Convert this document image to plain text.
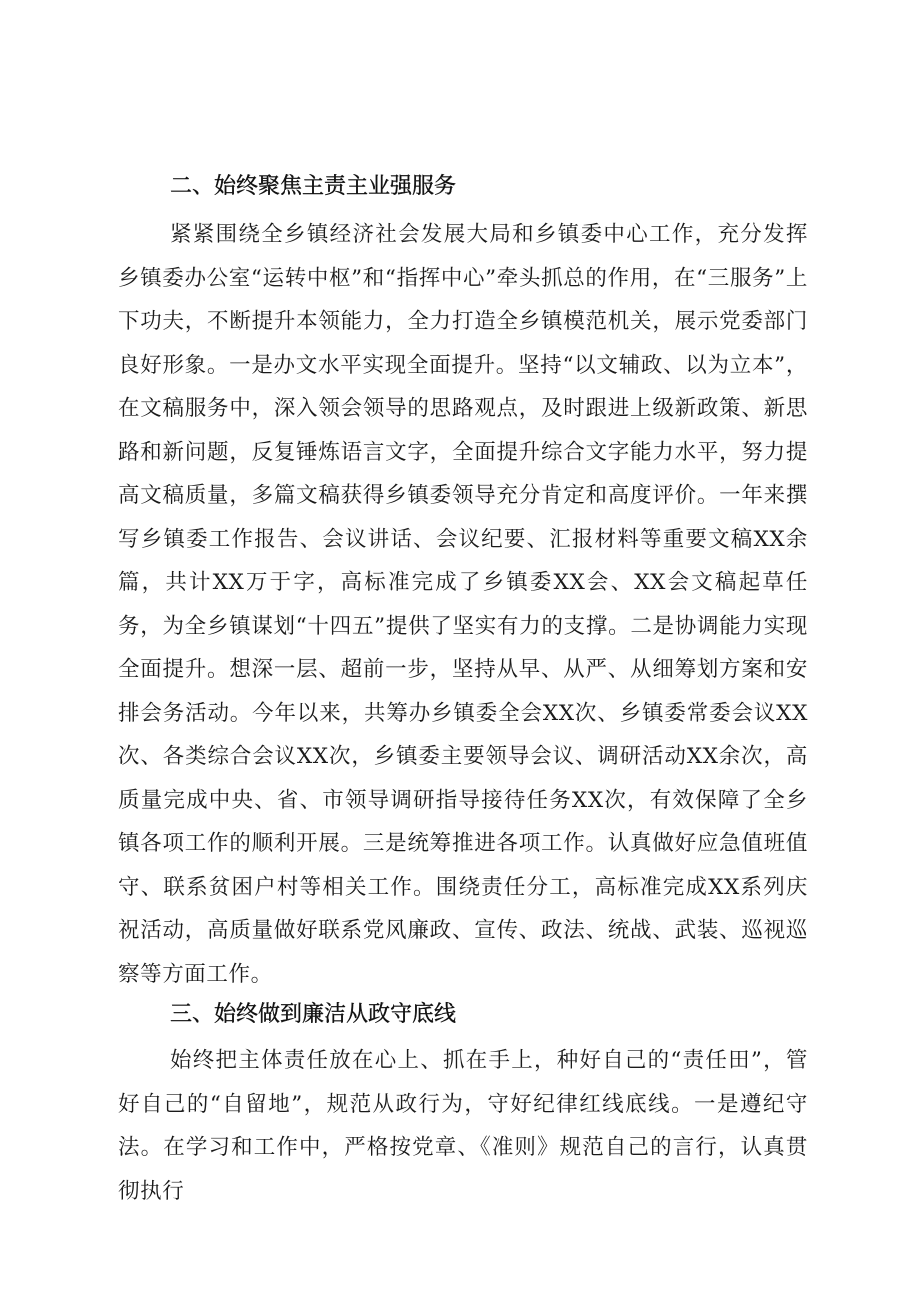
二、始终聚焦主责主业强服务

紧紧围绕全乡镇经济社会发展大局和乡镇委中心工作，充分发挥乡镇委办公室“运转中枢”和“指挥中心”牵头抓总的作用，在“三服务”上下功夫，不断提升本领能力，全力打造全乡镇模范机关，展示党委部门良好形象。一是办文水平实现全面提升。坚持“以文辅政、以为立本”，在文稿服务中，深入领会领导的思路观点，及时跟进上级新政策、新思路和新问题，反复锤炼语言文字，全面提升综合文字能力水平，努力提高文稿质量，多篇文稿获得乡镇委领导充分肯定和高度评价。一年来撰写乡镇委工作报告、会议讲话、会议纪要、汇报材料等重要文稿XX余篇，共计XX万于字，高标准完成了乡镇委XX会、XX会文稿起草任务，为全乡镇谋划“十四五”提供了坚实有力的支撑。二是协调能力实现全面提升。想深一层、超前一步，坚持从早、从严、从细筹划方案和安排会务活动。今年以来，共筹办乡镇委全会XX次、乡镇委常委会议XX次、各类综合会议XX次，乡镇委主要领导会议、调研活动XX余次，高质量完成中央、省、市领导调研指导接待任务XX次，有效保障了全乡镇各项工作的顺利开展。三是统筹推进各项工作。认真做好应急值班值守、联系贫困户村等相关工作。围绕责任分工，高标准完成XX系列庆祝活动，高质量做好联系党风廉政、宣传、政法、统战、武装、巡视巡察等方面工作。

三、始终做到廉洁从政守底线

始终把主体责任放在心上、抓在手上，种好自己的“责任田”，管好自己的“自留地”，规范从政行为，守好纪律红线底线。一是遵纪守法。在学习和工作中，严格按党章、《准则》规范自己的言行，认真贯彻执行
